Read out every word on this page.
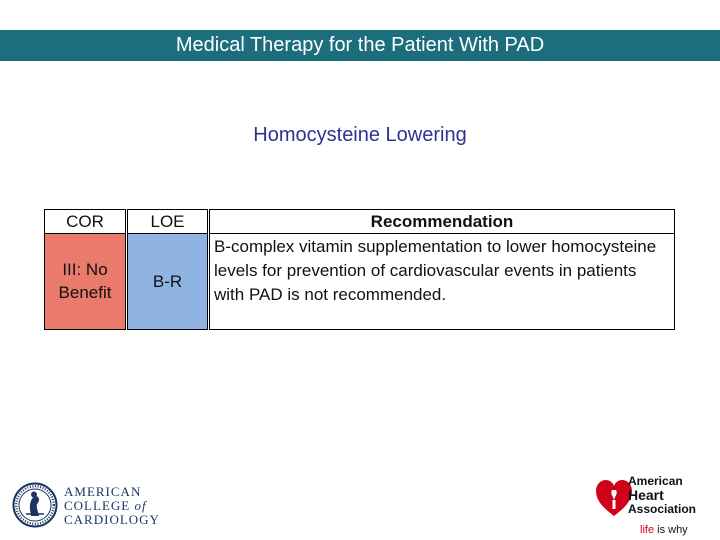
Medical Therapy for the Patient With PAD
Homocysteine Lowering
COR	LOE	Recommendation
III: No
Benefit
B-R
B-complex vitamin supplementation to lower homocysteine levels for prevention of cardiovascular events in patients with PAD is not recommended.
AMERICAN
COLLEGE of
CARDIOLOGY
American
Heart
Association
life is why
